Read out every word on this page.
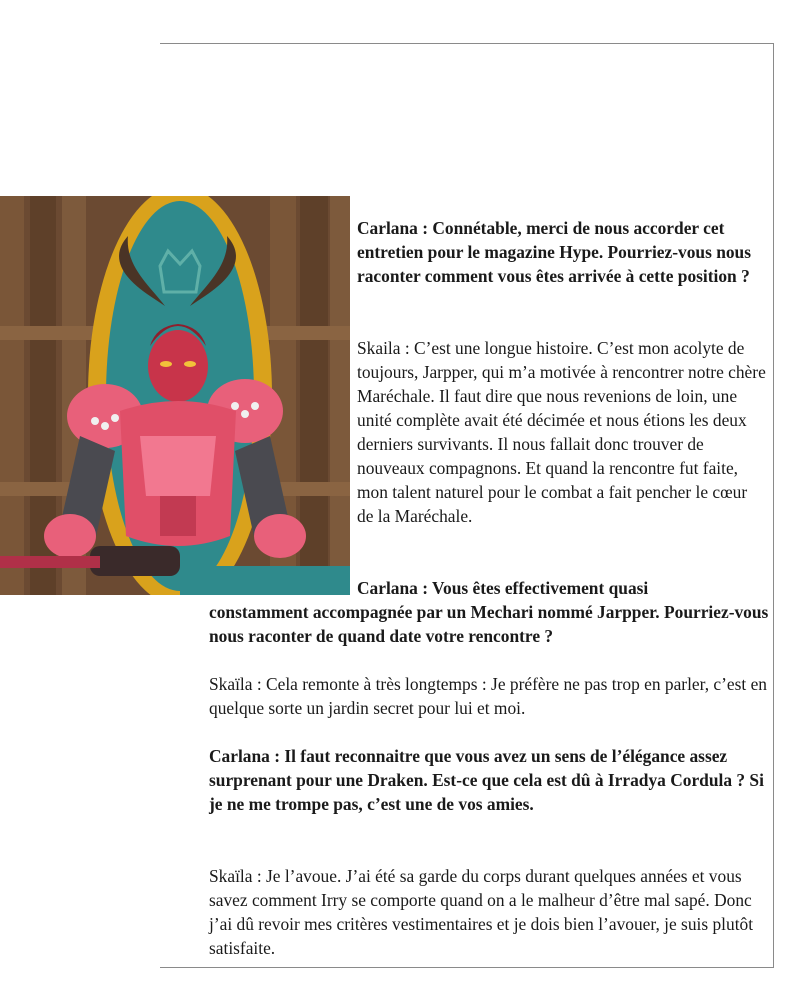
Carlana : Connétable, merci de nous accorder cet entretien pour le magazine Hype. Pourriez-vous nous raconter comment vous êtes arrivée à cette position ?

Skaila : C’est une longue histoire. C’est mon acolyte de toujours, Jarpper, qui m’a motivée à rencontrer notre chère Maréchale. Il faut dire que nous revenions de loin, une unité complète avait été décimée et nous étions les deux derniers survivants. Il nous fallait donc trouver de nouveaux compagnons. Et quand la rencontre fut faite, mon talent naturel pour le combat a fait pencher le cœur de la Maréchale.

Carlana : Vous êtes effectivement quasi

constamment accompagnée par un Mechari nommé Jarpper. Pourriez-vous nous raconter de quand date votre rencontre ?

Skaïla : Cela remonte à très longtemps : Je préfère ne pas trop en parler, c’est en quelque sorte un jardin secret pour lui et moi.

Carlana : Il faut reconnaitre que vous avez un sens de l’élégance assez surprenant pour une Draken. Est-ce que cela est dû à Irradya Cordula ? Si je ne me trompe pas, c’est une de vos amies.

Skaïla : Je l’avoue. J’ai été sa garde du corps durant quelques années et vous savez comment Irry se comporte quand on a le malheur d’être mal sapé. Donc j’ai dû revoir mes critères vestimentaires et je dois bien l’avouer, je suis plutôt satisfaite.
